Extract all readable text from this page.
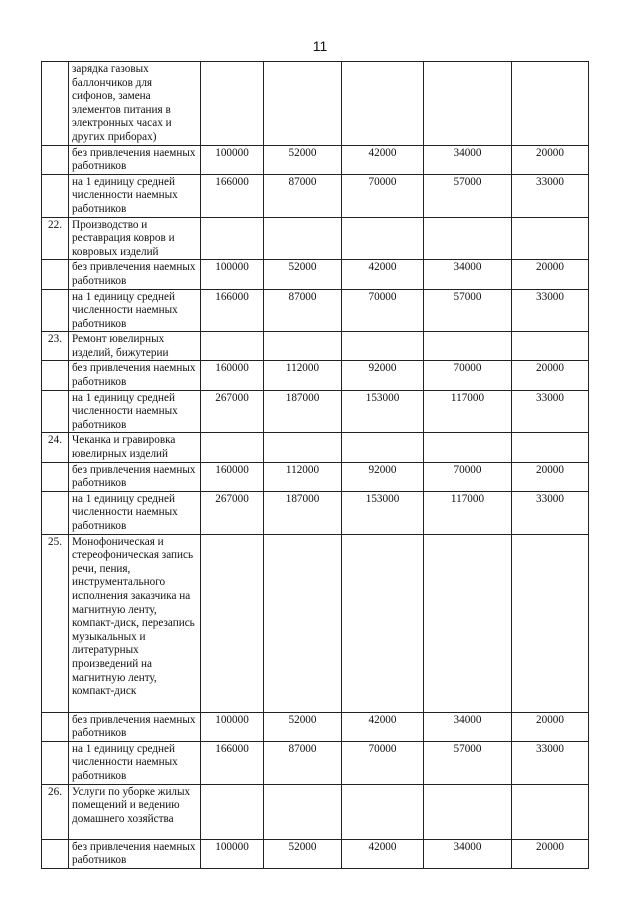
11
	зарядка газовых баллончиков для сифонов, замена элементов питания в электронных часах и других приборах)					
	без привлечения наемных работников	100000	52000	42000	34000	20000
	на 1 единицу средней численности наемных работников	166000	87000	70000	57000	33000
22.	Производство и реставрация ковров и ковровых изделий					
	без привлечения наемных работников	100000	52000	42000	34000	20000
	на 1 единицу средней численности наемных работников	166000	87000	70000	57000	33000
23.	Ремонт ювелирных изделий, бижутерии					
	без привлечения наемных работников	160000	112000	92000	70000	20000
	на 1 единицу средней численности наемных работников	267000	187000	153000	117000	33000
24.	Чеканка и гравировка ювелирных изделий					
	без привлечения наемных работников	160000	112000	92000	70000	20000
	на 1 единицу средней численности наемных работников	267000	187000	153000	117000	33000
25.	Монофоническая и стереофоническая запись речи, пения, инструментального исполнения заказчика на магнитную ленту, компакт-диск, перезапись музыкальных и литературных произведений на магнитную ленту, компакт-диск					
	без привлечения наемных работников	100000	52000	42000	34000	20000
	на 1 единицу средней численности наемных работников	166000	87000	70000	57000	33000
26.	Услуги по уборке жилых помещений и ведению домашнего хозяйства					
	без привлечения наемных работников	100000	52000	42000	34000	20000
